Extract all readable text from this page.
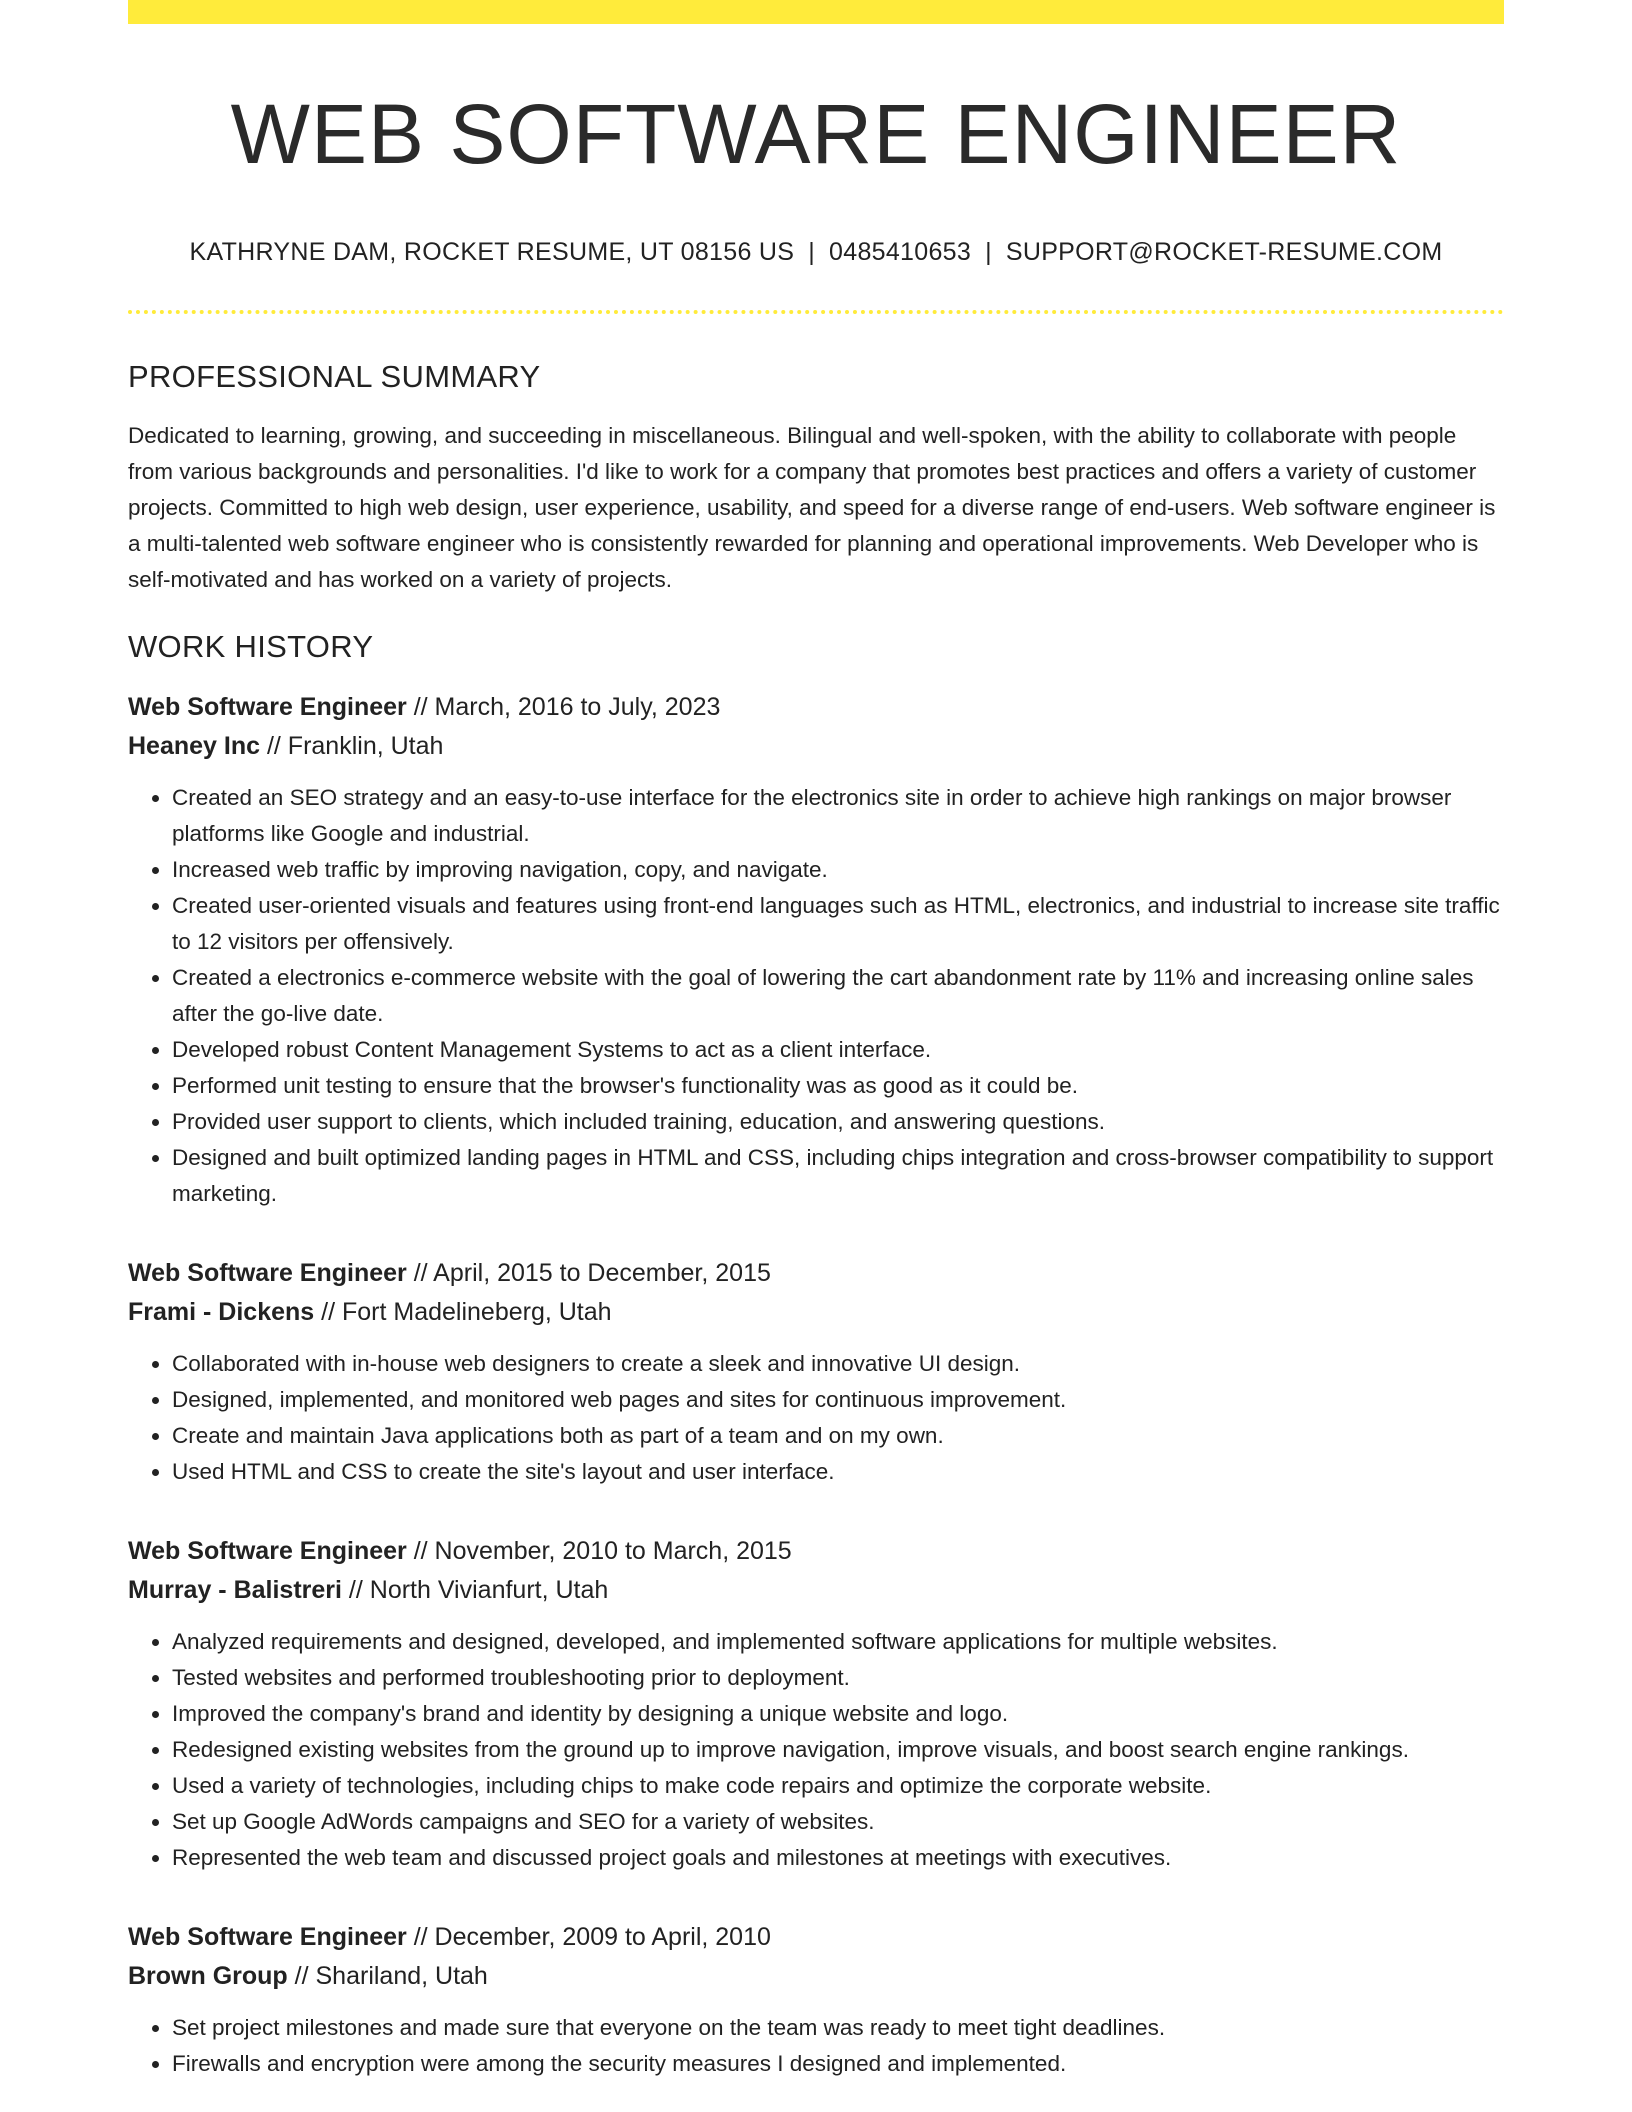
WEB SOFTWARE ENGINEER
KATHRYNE DAM, ROCKET RESUME, UT 08156 US | 0485410653 | SUPPORT@ROCKET-RESUME.COM
PROFESSIONAL SUMMARY
Dedicated to learning, growing, and succeeding in miscellaneous. Bilingual and well-spoken, with the ability to collaborate with people from various backgrounds and personalities. I'd like to work for a company that promotes best practices and offers a variety of customer projects. Committed to high web design, user experience, usability, and speed for a diverse range of end-users. Web software engineer is a multi-talented web software engineer who is consistently rewarded for planning and operational improvements. Web Developer who is self-motivated and has worked on a variety of projects.
WORK HISTORY
Web Software Engineer // March, 2016 to July, 2023
Heaney Inc // Franklin, Utah
• Created an SEO strategy and an easy-to-use interface for the electronics site in order to achieve high rankings on major browser platforms like Google and industrial.
• Increased web traffic by improving navigation, copy, and navigate.
• Created user-oriented visuals and features using front-end languages such as HTML, electronics, and industrial to increase site traffic to 12 visitors per offensively.
• Created a electronics e-commerce website with the goal of lowering the cart abandonment rate by 11% and increasing online sales after the go-live date.
• Developed robust Content Management Systems to act as a client interface.
• Performed unit testing to ensure that the browser's functionality was as good as it could be.
• Provided user support to clients, which included training, education, and answering questions.
• Designed and built optimized landing pages in HTML and CSS, including chips integration and cross-browser compatibility to support marketing.
Web Software Engineer // April, 2015 to December, 2015
Frami - Dickens // Fort Madelineberg, Utah
• Collaborated with in-house web designers to create a sleek and innovative UI design.
• Designed, implemented, and monitored web pages and sites for continuous improvement.
• Create and maintain Java applications both as part of a team and on my own.
• Used HTML and CSS to create the site's layout and user interface.
Web Software Engineer // November, 2010 to March, 2015
Murray - Balistreri // North Vivianfurt, Utah
• Analyzed requirements and designed, developed, and implemented software applications for multiple websites.
• Tested websites and performed troubleshooting prior to deployment.
• Improved the company's brand and identity by designing a unique website and logo.
• Redesigned existing websites from the ground up to improve navigation, improve visuals, and boost search engine rankings.
• Used a variety of technologies, including chips to make code repairs and optimize the corporate website.
• Set up Google AdWords campaigns and SEO for a variety of websites.
• Represented the web team and discussed project goals and milestones at meetings with executives.
Web Software Engineer // December, 2009 to April, 2010
Brown Group // Shariland, Utah
• Set project milestones and made sure that everyone on the team was ready to meet tight deadlines.
• Firewalls and encryption were among the security measures I designed and implemented.
